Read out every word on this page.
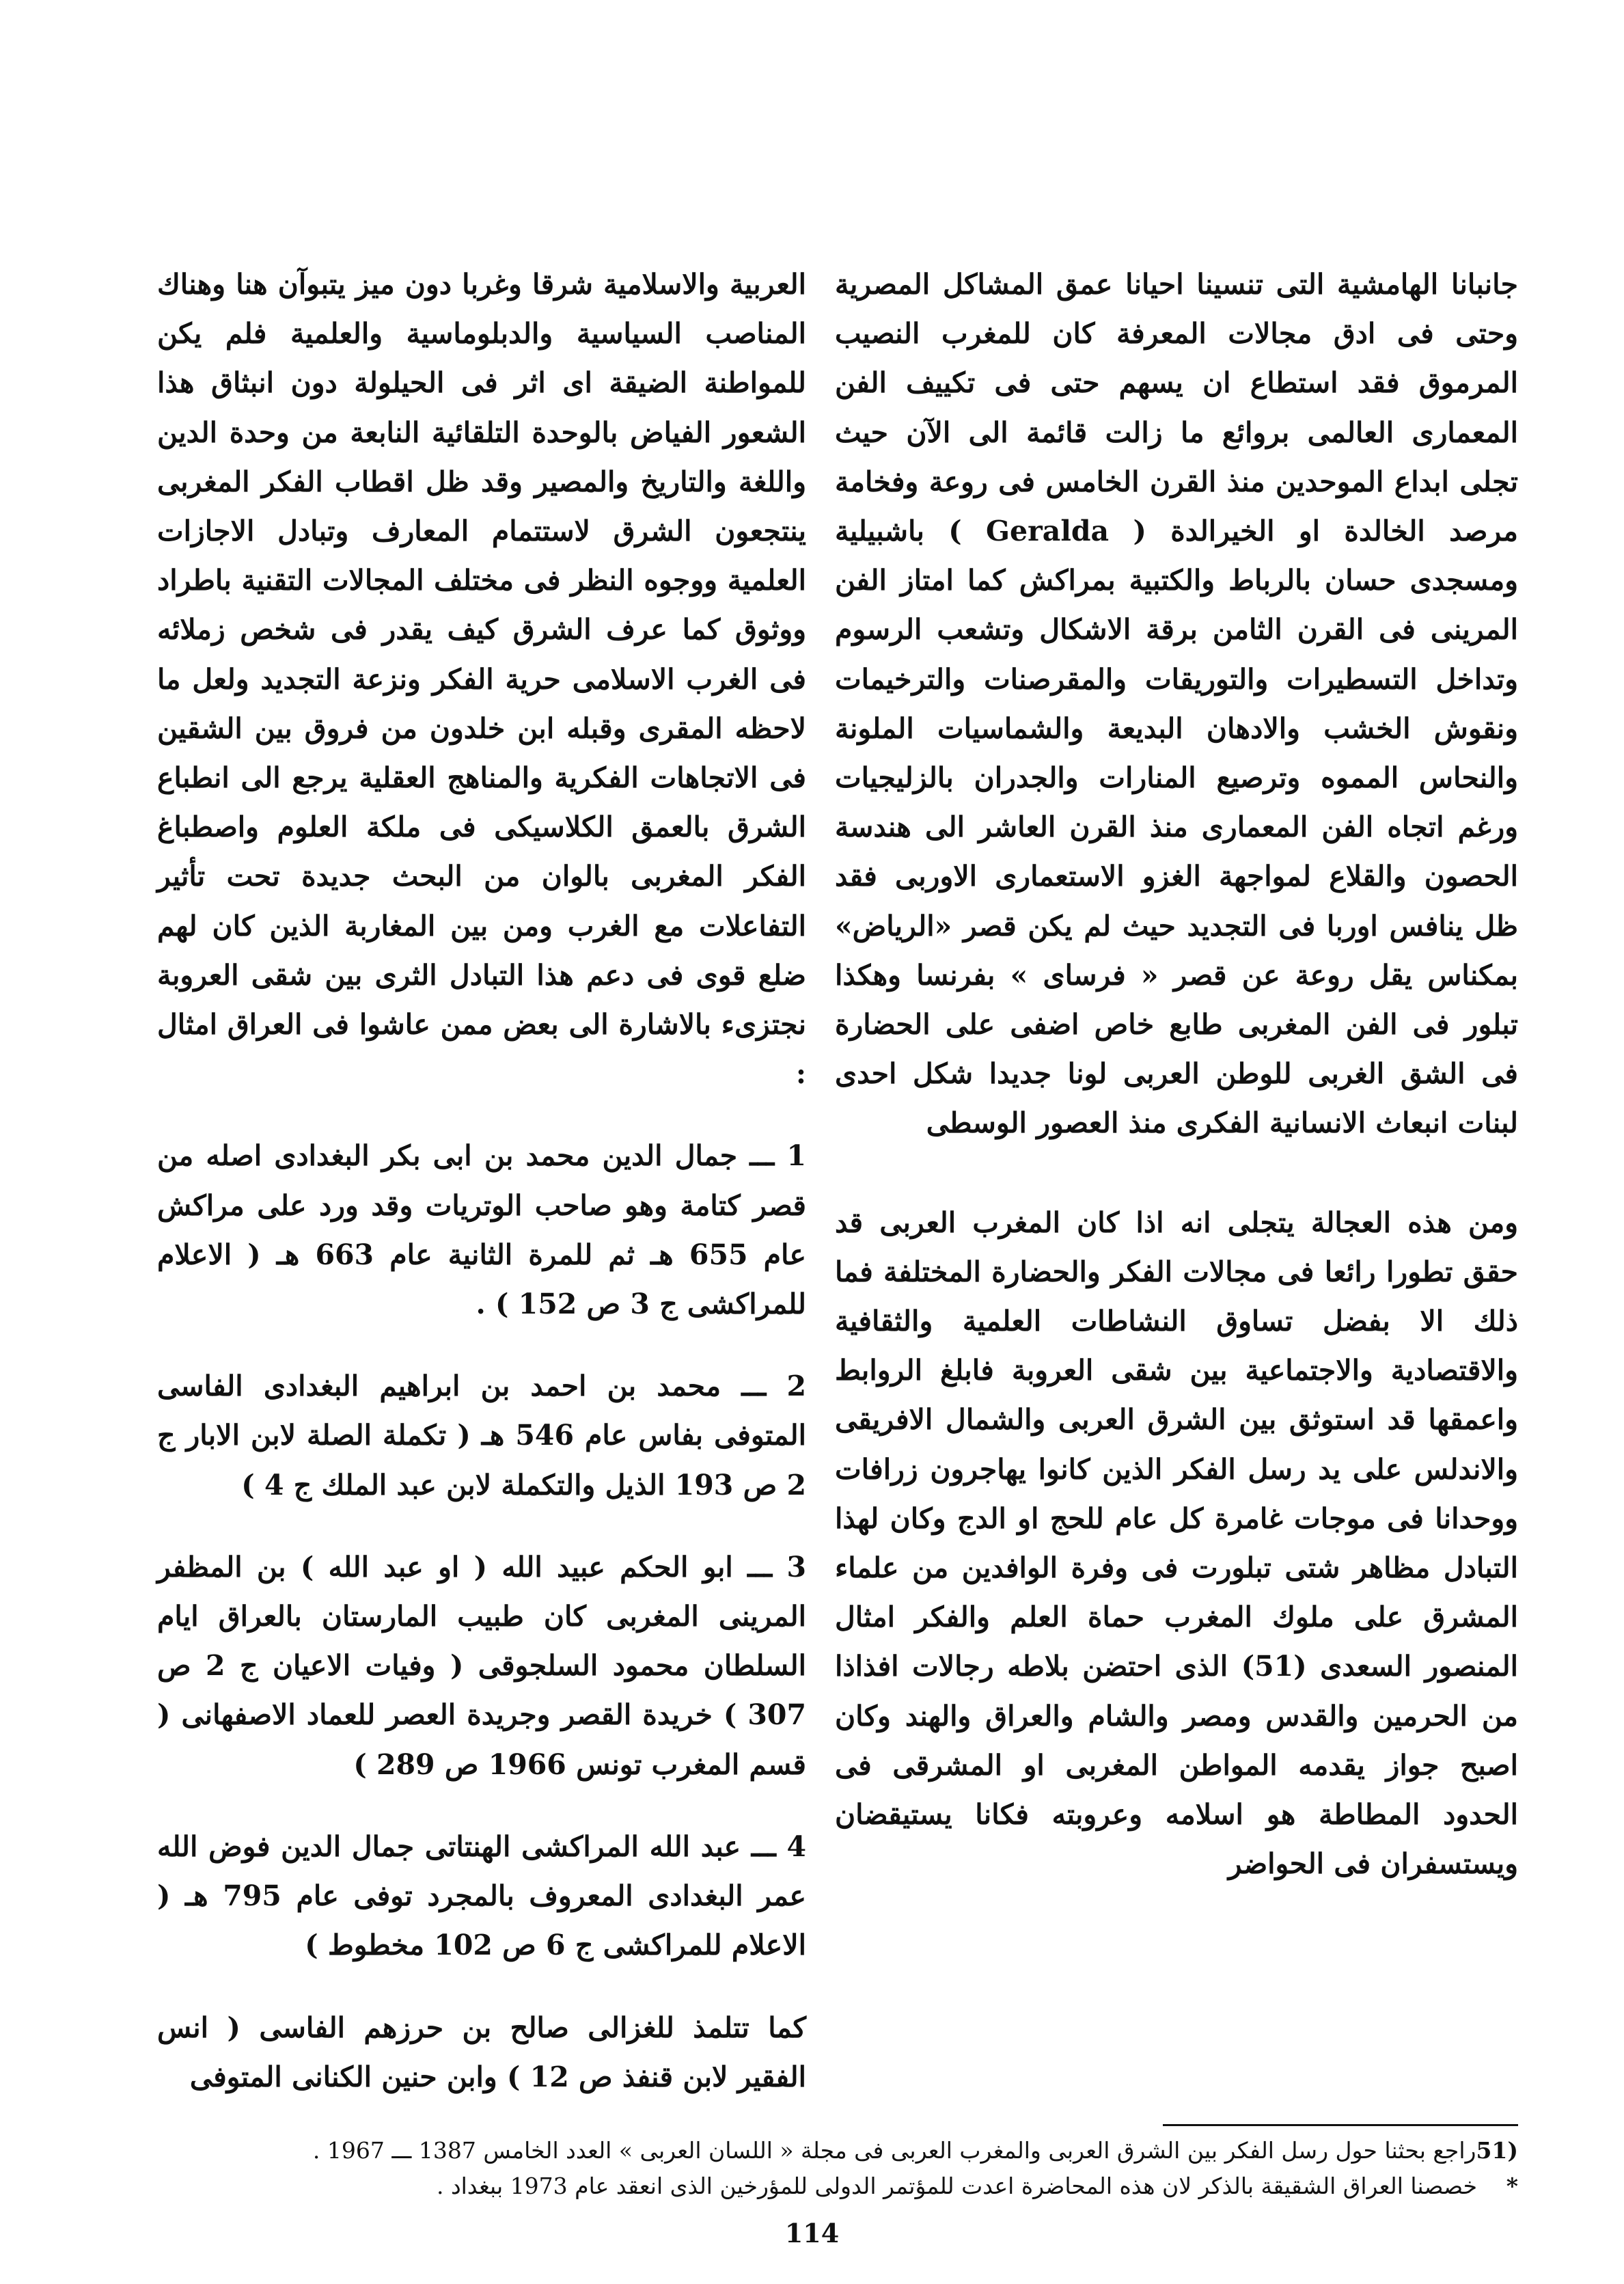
جانبانا الهامشية التى تنسينا احيانا عمق المشاكل المصرية وحتى فى ادق مجالات المعرفة كان للمغرب النصيب المرموق فقد استطاع ان يسهم حتى فى تكييف الفن المعمارى العالمى بروائع ما زالت قائمة الى الآن حيث تجلى ابداع الموحدين منذ القرن الخامس فى روعة وفخامة مرصد الخالدة او الخيرالدة ( Geralda ) باشبيلية ومسجدى حسان بالرباط والكتبية بمراكش كما امتاز الفن المرينى فى القرن الثامن برقة الاشكال وتشعب الرسوم وتداخل التسطيرات والتوريقات والمقرصنات والترخيمات ونقوش الخشب والادهان البديعة والشماسيات الملونة والنحاس المموه وترصيع المنارات والجدران بالزليجيات ورغم اتجاه الفن المعمارى منذ القرن العاشر الى هندسة الحصون والقلاع لمواجهة الغزو الاستعمارى الاوربى فقد ظل ينافس اوربا فى التجديد حيث لم يكن قصر «الرياض» بمكناس يقل روعة عن قصر « فرساى » بفرنسا وهكذا تبلور فى الفن المغربى طابع خاص اضفى على الحضارة فى الشق الغربى للوطن العربى لونا جديدا شكل احدى لبنات انبعاث الانسانية الفكرى منذ العصور الوسطى

ومن هذه العجالة يتجلى انه اذا كان المغرب العربى قد حقق تطورا رائعا فى مجالات الفكر والحضارة المختلفة فما ذلك الا بفضل تساوق النشاطات العلمية والثقافية والاقتصادية والاجتماعية بين شقى العروبة فابلغ الروابط واعمقها قد استوثق بين الشرق العربى والشمال الافريقى والاندلس على يد رسل الفكر الذين كانوا يهاجرون زرافات ووحدانا فى موجات غامرة كل عام للحج او الدج وكان لهذا التبادل مظاهر شتى تبلورت فى وفرة الوافدين من علماء المشرق على ملوك المغرب حماة العلم والفكر امثال المنصور السعدى (51) الذى احتضن بلاطه رجالات افذاذا من الحرمين والقدس ومصر والشام والعراق والهند وكان اصبح جواز يقدمه المواطن المغربى او المشرقى فى الحدود المطاطة هو اسلامه وعروبته فكانا يستيقضان ويستسفران فى الحواضر

العربية والاسلامية شرقا وغربا دون ميز يتبوآن هنا وهناك المناصب السياسية والدبلوماسية والعلمية فلم يكن للمواطنة الضيقة اى اثر فى الحيلولة دون انبثاق هذا الشعور الفياض بالوحدة التلقائية النابعة من وحدة الدين واللغة والتاريخ والمصير وقد ظل اقطاب الفكر المغربى ينتجعون الشرق لاستتمام المعارف وتبادل الاجازات العلمية ووجوه النظر فى مختلف المجالات التقنية باطراد ووثوق كما عرف الشرق كيف يقدر فى شخص زملائه فى الغرب الاسلامى حرية الفكر ونزعة التجديد ولعل ما لاحظه المقرى وقبله ابن خلدون من فروق بين الشقين فى الاتجاهات الفكرية والمناهج العقلية يرجع الى انطباع الشرق بالعمق الكلاسيكى فى ملكة العلوم واصطباغ الفكر المغربى بالوان من البحث جديدة تحت تأثير التفاعلات مع الغرب ومن بين المغاربة الذين كان لهم ضلع قوى فى دعم هذا التبادل الثرى بين شقى العروبة نجتزىء بالاشارة الى بعض ممن عاشوا فى العراق امثال :

1 ـــ جمال الدين محمد بن ابى بكر البغدادى اصله من قصر كتامة وهو صاحب الوتريات وقد ورد على مراكش عام 655 هـ ثم للمرة الثانية عام 663 هـ ( الاعلام للمراكشى ج 3 ص 152 ) .

2 ـــ محمد بن احمد بن ابراهيم البغدادى الفاسى المتوفى بفاس عام 546 هـ ( تكملة الصلة لابن الابار ج 2 ص 193 الذيل والتكملة لابن عبد الملك ج 4 )

3 ـــ ابو الحكم عبيد الله ( او عبد الله ) بن المظفر المرينى المغربى كان طبيب المارستان بالعراق ايام السلطان محمود السلجوقى ( وفيات الاعيان ج 2 ص 307 ) خريدة القصر وجريدة العصر للعماد الاصفهانى ( قسم المغرب تونس 1966 ص 289 )

4 ـــ عبد الله المراكشى الهنتاتى جمال الدين فوض الله عمر البغدادى المعروف بالمجرد توفى عام 795 هـ ( الاعلام للمراكشى ج 6 ص 102 مخطوط )

كما تتلمذ للغزالى صالح بن حرزهم الفاسى ( انس الفقير لابن قنفذ ص 12 ) وابن حنين الكنانى المتوفى

(51
راجع بحثنا حول رسل الفكر بين الشرق العربى والمغرب العربى فى مجلة « اللسان العربى » العدد الخامس 1387 ـــ 1967 .
*
خصصنا العراق الشقيقة بالذكر لان هذه المحاضرة اعدت للمؤتمر الدولى للمؤرخين الذى انعقد عام 1973 ببغداد .
114
